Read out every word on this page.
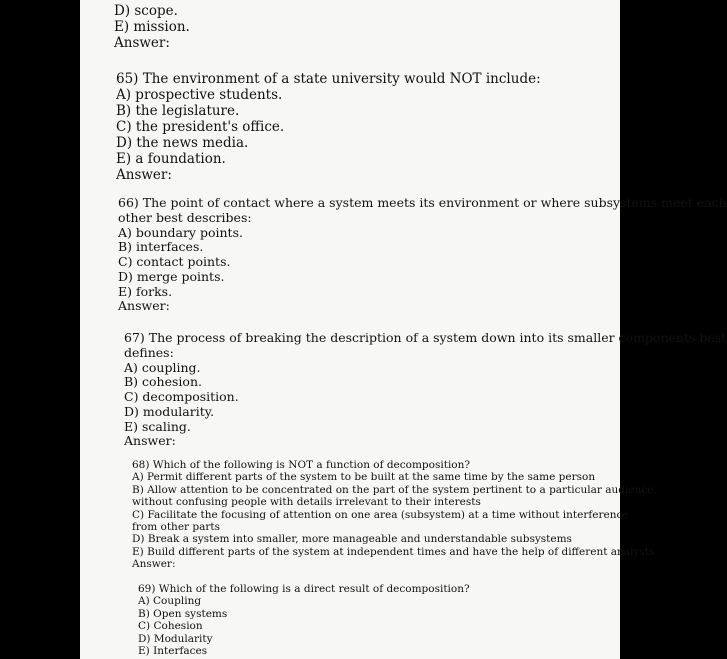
D) scope.
E) mission.
Answer:
65) The environment of a state university would NOT include:
A) prospective students.
B) the legislature.
C) the president's office.
D) the news media.
E) a foundation.
Answer:
66) The point of contact where a system meets its environment or where subsystems meet each
other best describes:
A) boundary points.
B) interfaces.
C) contact points.
D) merge points.
E) forks.
Answer:
67) The process of breaking the description of a system down into its smaller components best
defines:
A) coupling.
B) cohesion.
C) decomposition.
D) modularity.
E) scaling.
Answer:
68) Which of the following is NOT a function of decomposition?
A) Permit different parts of the system to be built at the same time by the same person
B) Allow attention to be concentrated on the part of the system pertinent to a particular audience,
without confusing people with details irrelevant to their interests
C) Facilitate the focusing of attention on one area (subsystem) at a time without interference
from other parts
D) Break a system into smaller, more manageable and understandable subsystems
E) Build different parts of the system at independent times and have the help of different analysts
Answer:
69) Which of the following is a direct result of decomposition?
A) Coupling
B) Open systems
C) Cohesion
D) Modularity
E) Interfaces
